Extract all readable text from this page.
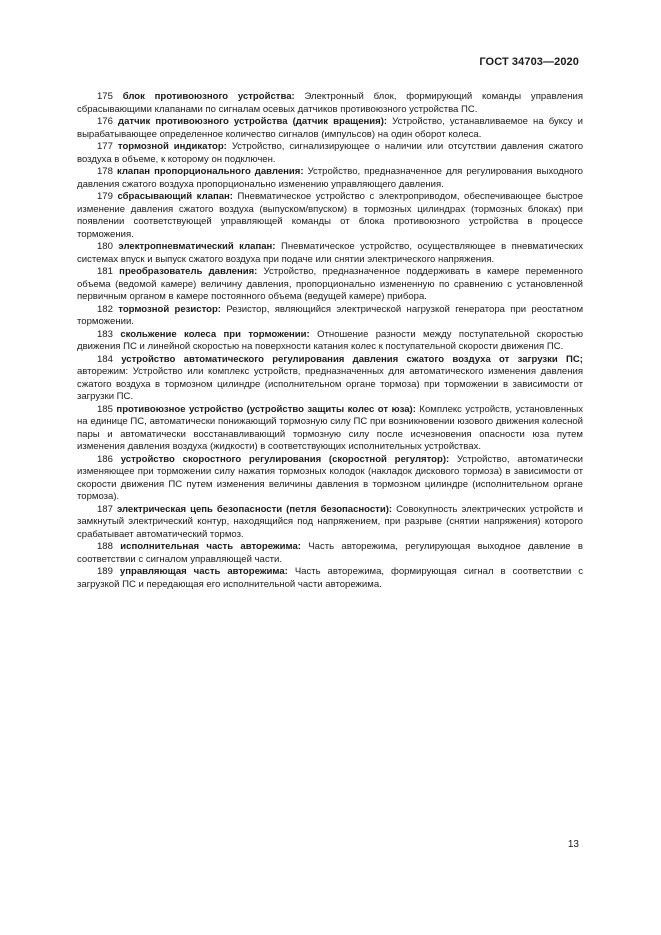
ГОСТ 34703—2020

175 блок противоюзного устройства: Электронный блок, формирующий команды управления сбрасывающими клапанами по сигналам осевых датчиков противоюзного устройства ПС.

176 датчик противоюзного устройства (датчик вращения): Устройство, устанавливаемое на буксу и вырабатывающее определенное количество сигналов (импульсов) на один оборот колеса.

177 тормозной индикатор: Устройство, сигнализирующее о наличии или отсутствии давления сжатого воздуха в объеме, к которому он подключен.

178 клапан пропорционального давления: Устройство, предназначенное для регулирования выходного давления сжатого воздуха пропорционально изменению управляющего давления.

179 сбрасывающий клапан: Пневматическое устройство с электроприводом, обеспечивающее быстрое изменение давления сжатого воздуха (выпуском/впуском) в тормозных цилиндрах (тормозных блоках) при появлении соответствующей управляющей команды от блока противоюзного устройства в процессе торможения.

180 электропневматический клапан: Пневматическое устройство, осуществляющее в пневматических системах впуск и выпуск сжатого воздуха при подаче или снятии электрического напряжения.

181 преобразователь давления: Устройство, предназначенное поддерживать в камере переменного объема (ведомой камере) величину давления, пропорционально измененную по сравнению с установленной первичным органом в камере постоянного объема (ведущей камере) прибора.

182 тормозной резистор: Резистор, являющийся электрической нагрузкой генератора при реостатном торможении.

183 скольжение колеса при торможении: Отношение разности между поступательной скоростью движения ПС и линейной скоростью на поверхности катания колес к поступательной скорости движения ПС.

184 устройство автоматического регулирования давления сжатого воздуха от загрузки ПС; авторежим: Устройство или комплекс устройств, предназначенных для автоматического изменения давления сжатого воздуха в тормозном цилиндре (исполнительном органе тормоза) при торможении в зависимости от загрузки ПС.

185 противоюзное устройство (устройство защиты колес от юза): Комплекс устройств, установленных на единице ПС, автоматически понижающий тормозную силу ПС при возникновении юзового движения колесной пары и автоматически восстанавливающий тормозную силу после исчезновения опасности юза путем изменения давления воздуха (жидкости) в соответствующих исполнительных устройствах.

186 устройство скоростного регулирования (скоростной регулятор): Устройство, автоматически изменяющее при торможении силу нажатия тормозных колодок (накладок дискового тормоза) в зависимости от скорости движения ПС путем изменения величины давления в тормозном цилиндре (исполнительном органе тормоза).

187 электрическая цепь безопасности (петля безопасности): Совокупность электрических устройств и замкнутый электрический контур, находящийся под напряжением, при разрыве (снятии напряжения) которого срабатывает автоматический тормоз.

188 исполнительная часть авторежима: Часть авторежима, регулирующая выходное давление в соответствии с сигналом управляющей части.

189 управляющая часть авторежима: Часть авторежима, формирующая сигнал в соответствии с загрузкой ПС и передающая его исполнительной части авторежима.

13
